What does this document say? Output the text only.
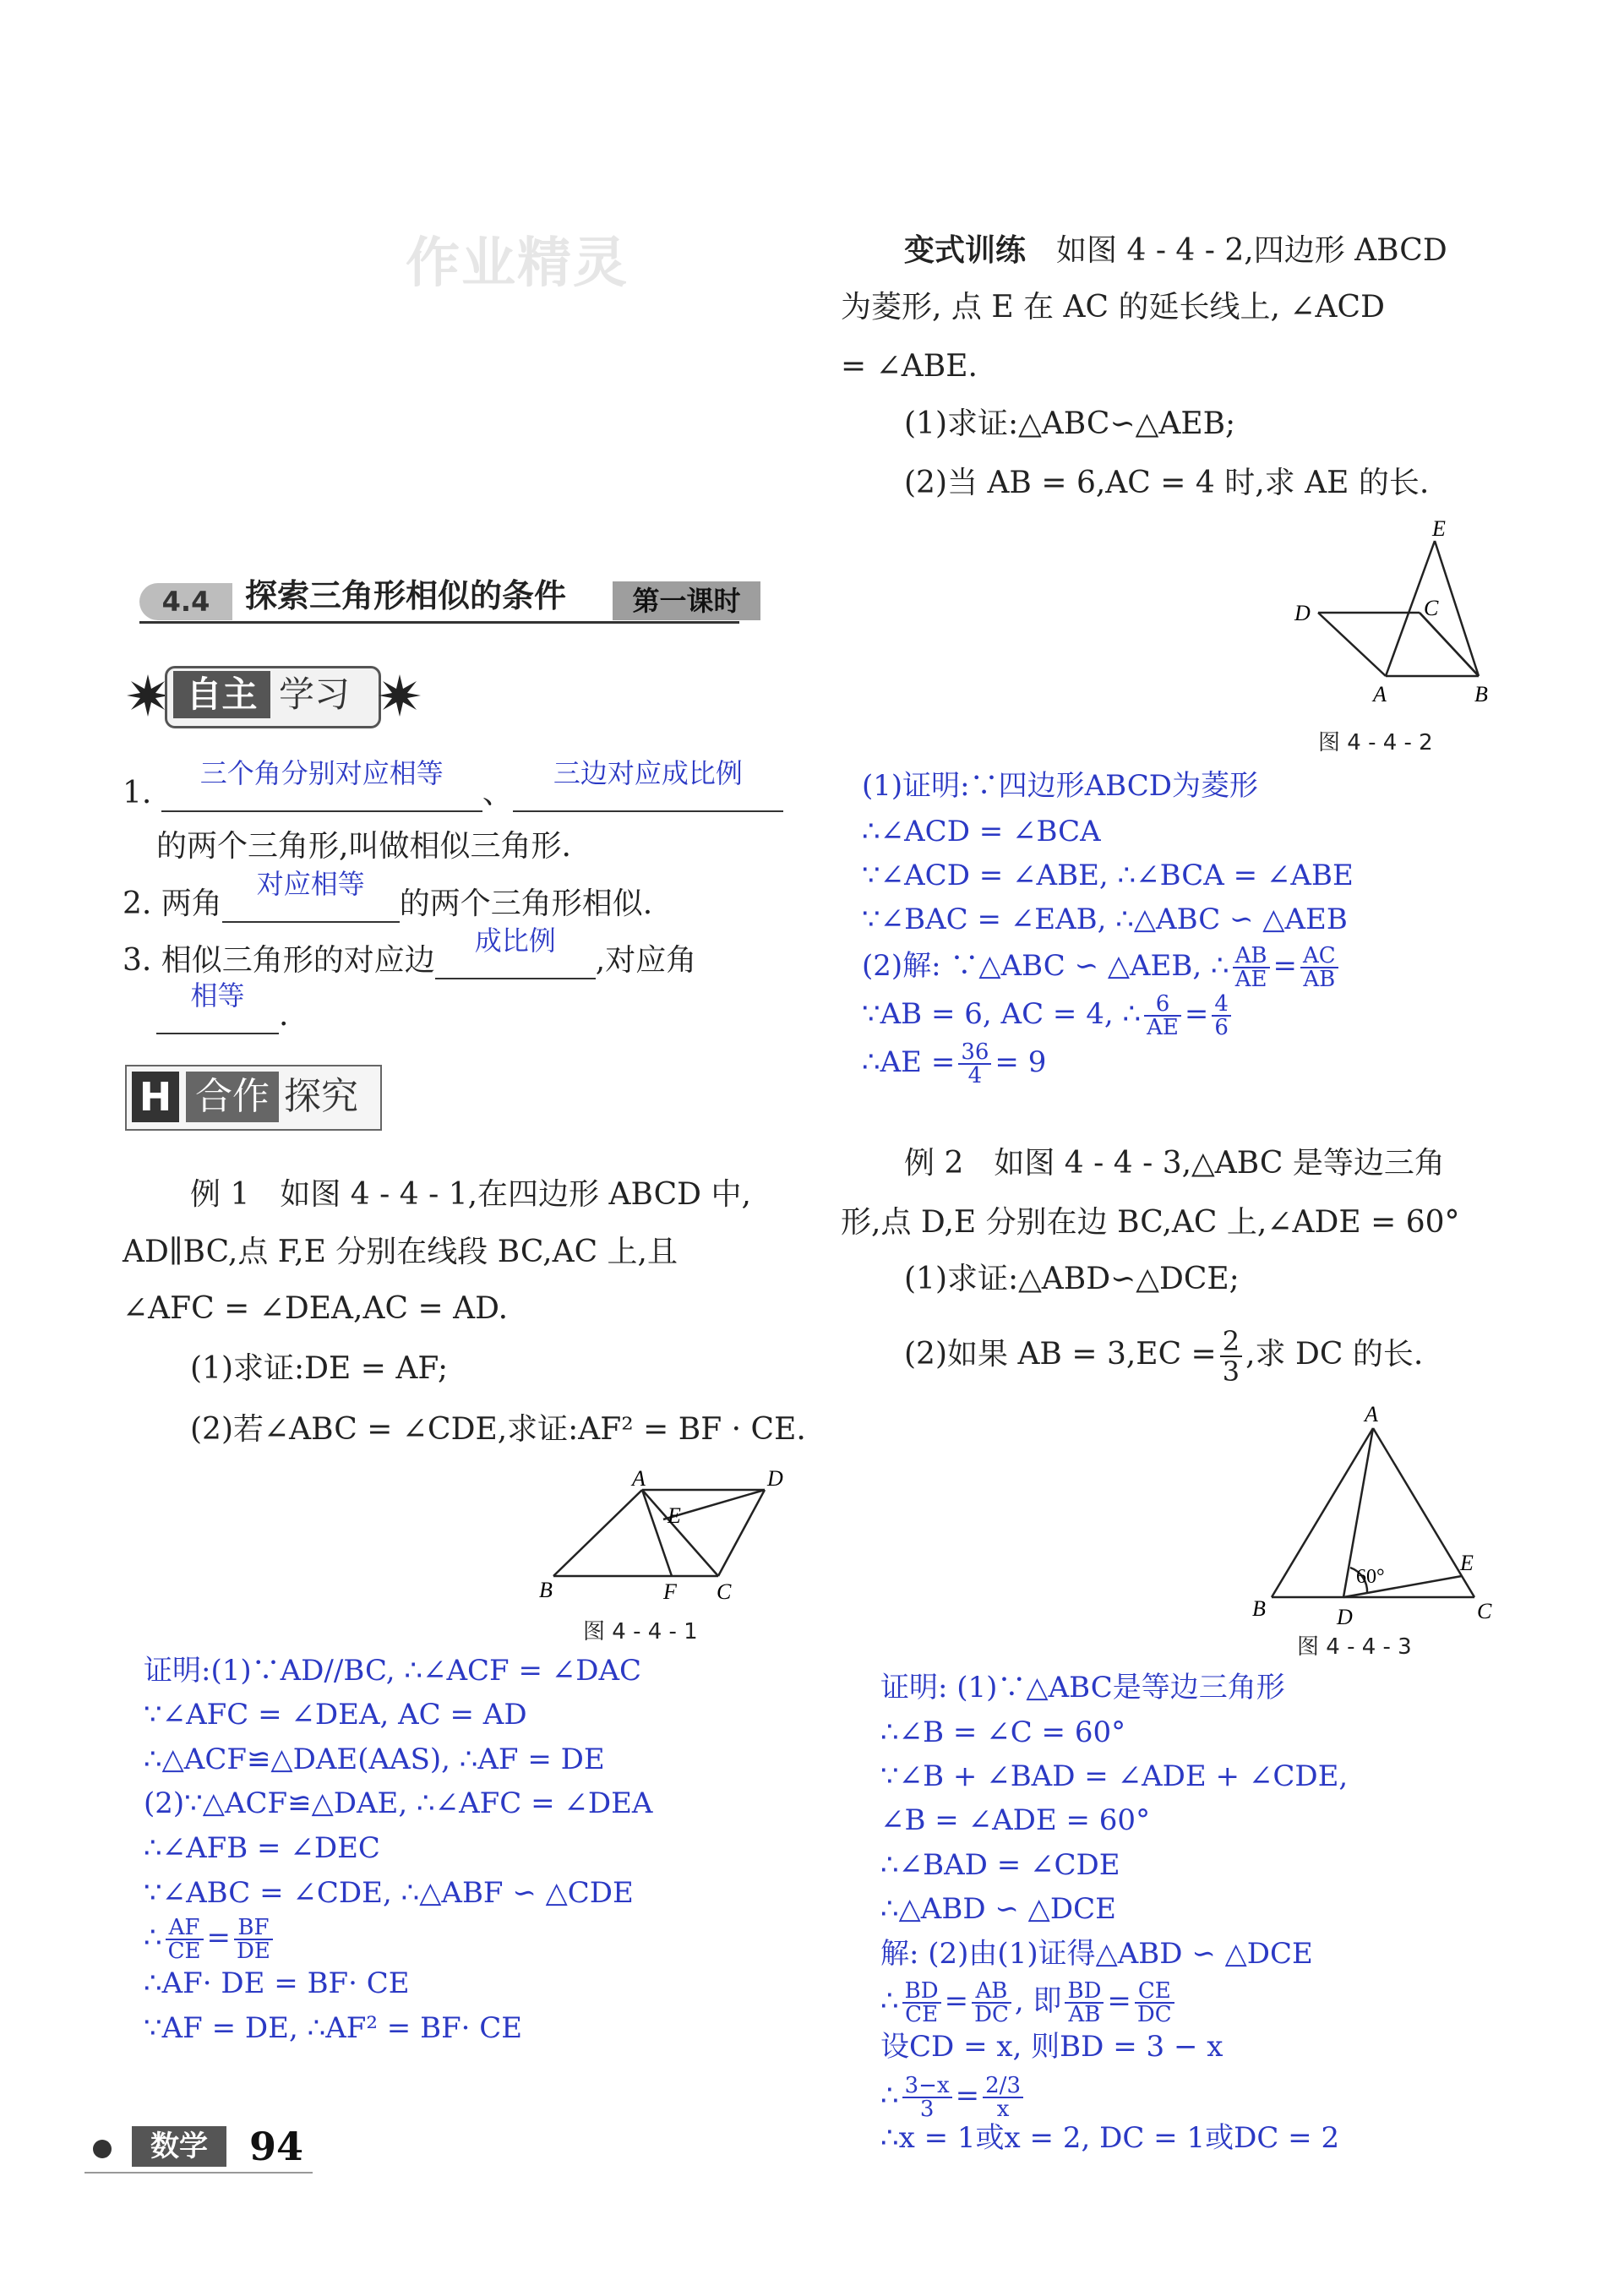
作业精灵
4.4	探索三角形相似的条件	第一课时
自主 学习
1. 三个角分别对应相等、三边对应成比例
的两个三角形,叫做相似三角形.
2. 两角对应相等的两个三角形相似.
3. 相似三角形的对应边成比例,对应角
相等.
H 合作 探究
例 1　如图 4 - 4 - 1,在四边形 ABCD 中,
AD∥BC,点 F,E 分别在线段 BC,AC 上,且
∠AFC = ∠DEA,AC = AD.
(1)求证:DE = AF;
(2)若∠ABC = ∠CDE,求证:AF² = BF · CE.
A	D
E
B	F C
图 4 - 4 - 1
证明:(1)∵AD//BC, ∴∠ACF = ∠DAC
∵∠AFC = ∠DEA, AC = AD
∴△ACF≌△DAE(AAS), ∴AF = DE
(2)∵△ACF≌△DAE, ∴∠AFC = ∠DEA
∴∠AFB = ∠DEC
∵∠ABC = ∠CDE, ∴△ABF ∽ △CDE
∴ $\frac{AF}{CE} = \frac{BF}{DE}$
∴AF· DE = BF· CE
∵AF = DE, ∴AF² = BF· CE
数学	94
变式训练　 如图 4 - 4 - 2,四边形 ABCD
为菱形, 点 E 在 AC 的延长线上, ∠ACD
= ∠ABE.
(1)求证:△ABC∽△AEB;
(2)当 AB = 6,AC = 4 时,求 AE 的长.
E
D	C
A	B
图 4 - 4 - 2
(1)证明:∵四边形ABCD为菱形
∴∠ACD = ∠BCA
∵∠ACD = ∠ABE, ∴∠BCA = ∠ABE
∵∠BAC = ∠EAB, ∴△ABC ∽ △AEB
(2)解: ∵△ABC ∽ △AEB, ∴ $\frac{AB}{AE} = \frac{AC}{AB}$
∵AB = 6, AC = 4, ∴ $\frac{6}{AE} = \frac{4}{6}$
∴AE = $\frac{36}{4} = 9$
例 2　如图 4 - 4 - 3,△ABC 是等边三角
形,点 D,E 分别在边 BC,AC 上,∠ADE = 60°
(1)求证:△ABD∽△DCE;
(2)如果 AB = $3,EC = \frac{2}{3}$ ,求 DC 的长.
A
B	C
D
E
60°
图 4 - 4 - 3
证明: (1)∵△ABC是等边三角形
∴∠B = ∠C = 60°
∵∠B + ∠BAD = ∠ADE + ∠CDE,
∠B = ∠ADE = 60°
∴∠BAD = ∠CDE
∴△ABD ∽ △DCE
解: (2)由(1)证得△ABD ∽ △DCE
∴ $\frac{BD}{CE} = \frac{AB}{DC}$ , 即 $\frac{BD}{AB} = \frac{CE}{DC}$
设CD = x, 则BD = 3 − x
∴ $\frac{3-x}{3} = \frac{2/3}{x}$
∴x = 1或x = 2, DC = 1或DC = 2
